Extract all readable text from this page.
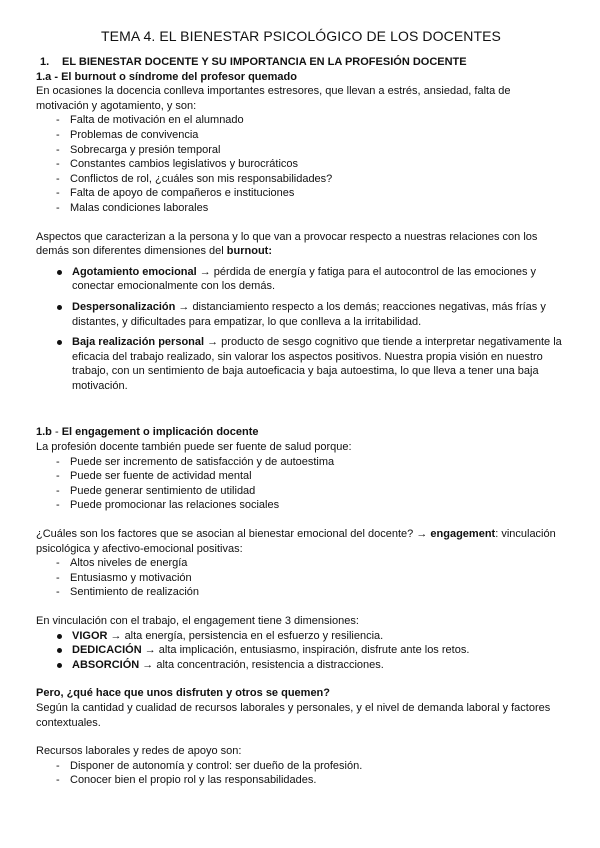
TEMA 4. EL BIENESTAR PSICOLÓGICO DE LOS DOCENTES
1.	EL BIENESTAR DOCENTE Y SU IMPORTANCIA EN LA PROFESIÓN DOCENTE
1.a - El burnout o síndrome del profesor quemado

En ocasiones la docencia conlleva importantes estresores, que llevan a estrés, ansiedad, falta de motivación y agotamiento, y son:

- Falta de motivación en el alumnado
- Problemas de convivencia
- Sobrecarga y presión temporal
- Constantes cambios legislativos y burocráticos
- Conflictos de rol, ¿cuáles son mis responsabilidades?
- Falta de apoyo de compañeros e instituciones
- Malas condiciones laborales

Aspectos que caracterizan a la persona y lo que van a provocar respecto a nuestras relaciones con los demás son diferentes dimensiones del burnout:

Agotamiento emocional → pérdida de energía y fatiga para el autocontrol de las emociones y conectar emocionalmente con los demás.
Despersonalización → distanciamiento respecto a los demás; reacciones negativas, más frías y distantes, y dificultades para empatizar, lo que conlleva a la irritabilidad.
Baja realización personal → producto de sesgo cognitivo que tiende a interpretar negativamente la eficacia del trabajo realizado, sin valorar los aspectos positivos. Nuestra propia visión en nuestro trabajo, con un sentimiento de baja autoeficacia y baja autoestima, lo que lleva a tener una baja motivación.
1.b - El engagement o implicación docente

La profesión docente también puede ser fuente de salud porque:

- Puede ser incremento de satisfacción y de autoestima
- Puede ser fuente de actividad mental
- Puede generar sentimiento de utilidad
- Puede promocionar las relaciones sociales

¿Cuáles son los factores que se asocian al bienestar emocional del docente? → engagement: vinculación psicológica y afectivo-emocional positivas:

- Altos niveles de energía
- Entusiasmo y motivación
- Sentimiento de realización

En vinculación con el trabajo, el engagement tiene 3 dimensiones:

VIGOR → alta energía, persistencia en el esfuerzo y resiliencia.
DEDICACIÓN → alta implicación, entusiasmo, inspiración, disfrute ante los retos.
ABSORCIÓN → alta concentración, resistencia a distracciones.

Pero, ¿qué hace que unos disfruten y otros se quemen?

Según la cantidad y cualidad de recursos laborales y personales, y el nivel de demanda laboral y factores contextuales.

Recursos laborales y redes de apoyo son:

- Disponer de autonomía y control: ser dueño de la profesión.
- Conocer bien el propio rol y las responsabilidades.
